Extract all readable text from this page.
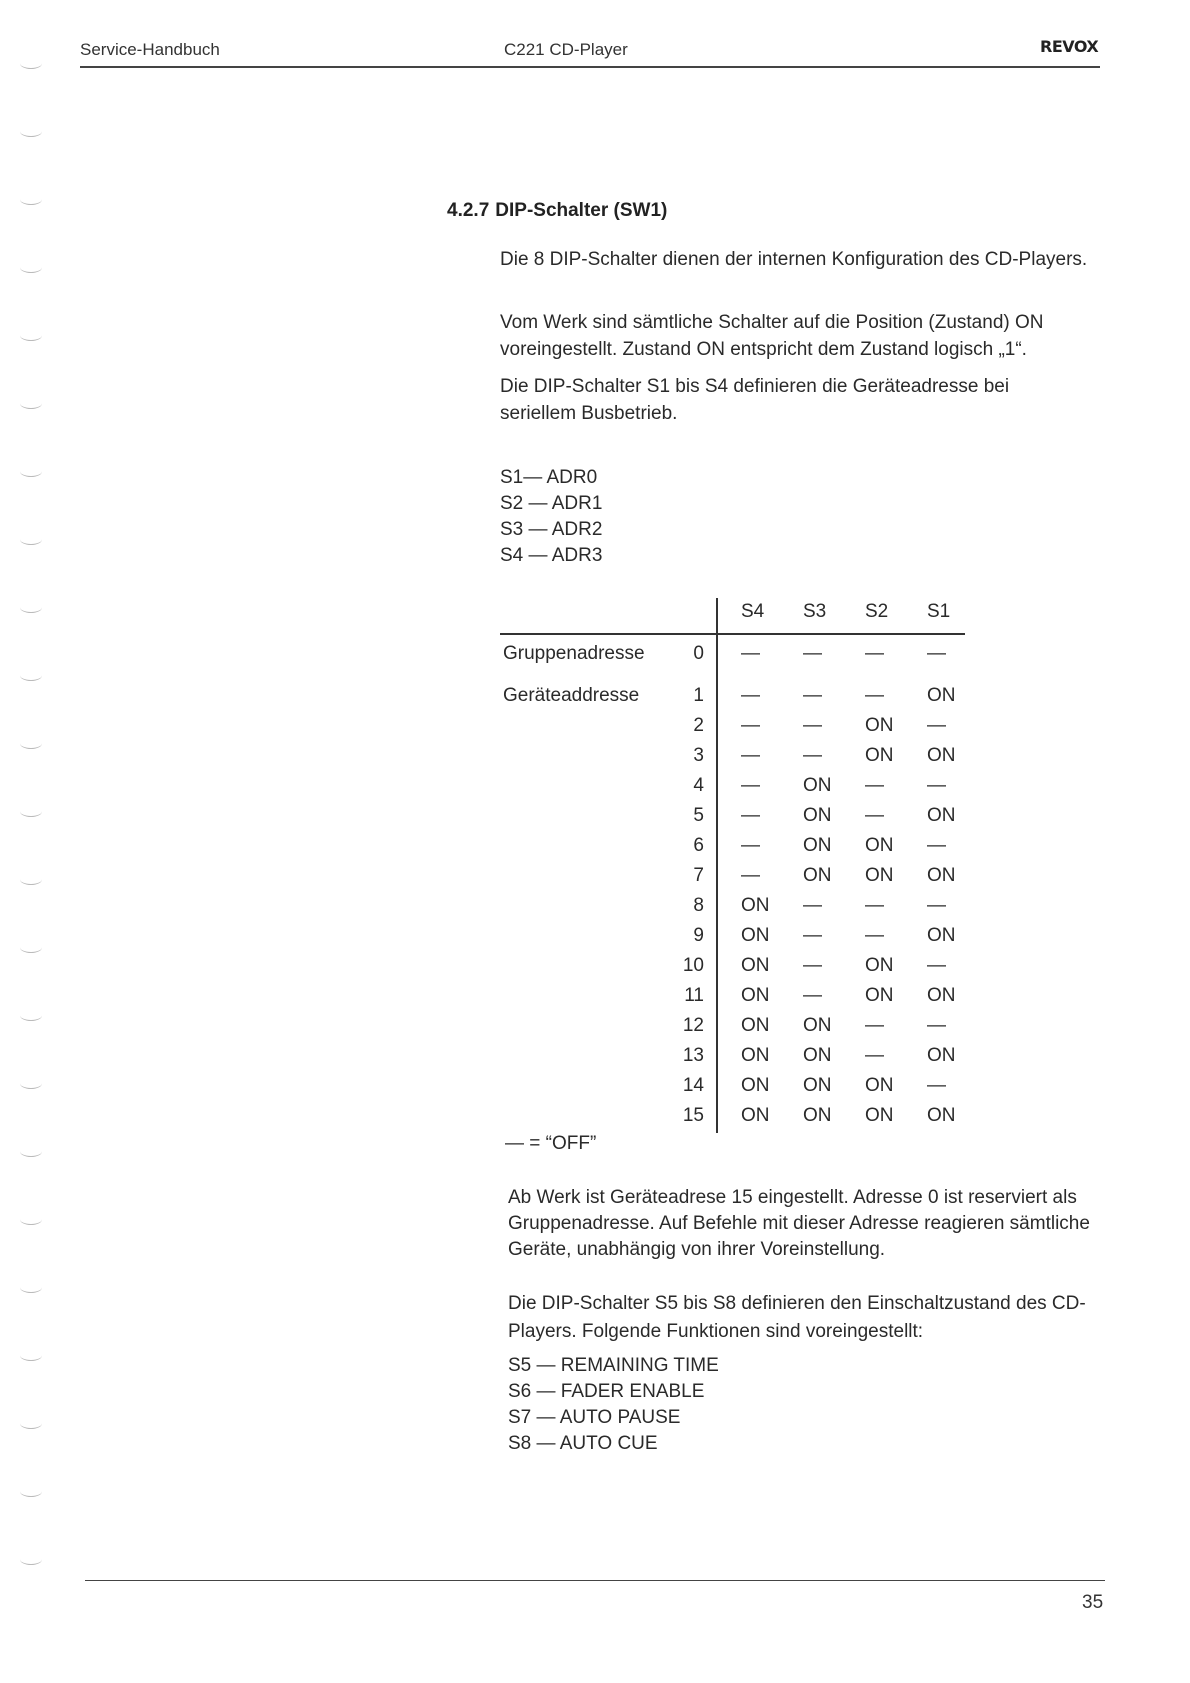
Service-Handbuch	C221 CD-Player	REVOX
4.2.7 DIP-Schalter (SW1)

Die 8 DIP-Schalter dienen der internen Konfiguration des CD-Players.

Vom Werk sind sämtliche Schalter auf die Position (Zustand) ON voreingestellt. Zustand ON entspricht dem Zustand logisch „1“.

Die DIP-Schalter S1 bis S4 definieren die Geräteadresse bei seriellem Busbetrieb.

S1— ADR0
S2 — ADR1
S3 — ADR2
S4 — ADR3
S4 S3 S2 S1
Gruppenadresse
Geräteaddresse
— = “OFF”
0 — — — —
1 — — — ON
2 — — ON —
3 — — ON ON
4 — ON — —
5 — ON — ON
6 — ON ON —
7 — ON ON ON
8 ON — — —
9 ON — — ON
10 ON — ON —
11 ON — ON ON
12 ON ON — —
13 ON ON — ON
14 ON ON ON —
15 ON ON ON ON

Ab Werk ist Geräteadrese 15 eingestellt. Adresse 0 ist reserviert als Gruppenadresse. Auf Befehle mit dieser Adresse reagieren sämtliche Geräte, unabhängig von ihrer Voreinstellung.

Die DIP-Schalter S5 bis S8 definieren den Einschaltzustand des CD-Players. Folgende Funktionen sind voreingestellt:

S5 — REMAINING TIME
S6 — FADER ENABLE
S7 — AUTO PAUSE
S8 — AUTO CUE
35
